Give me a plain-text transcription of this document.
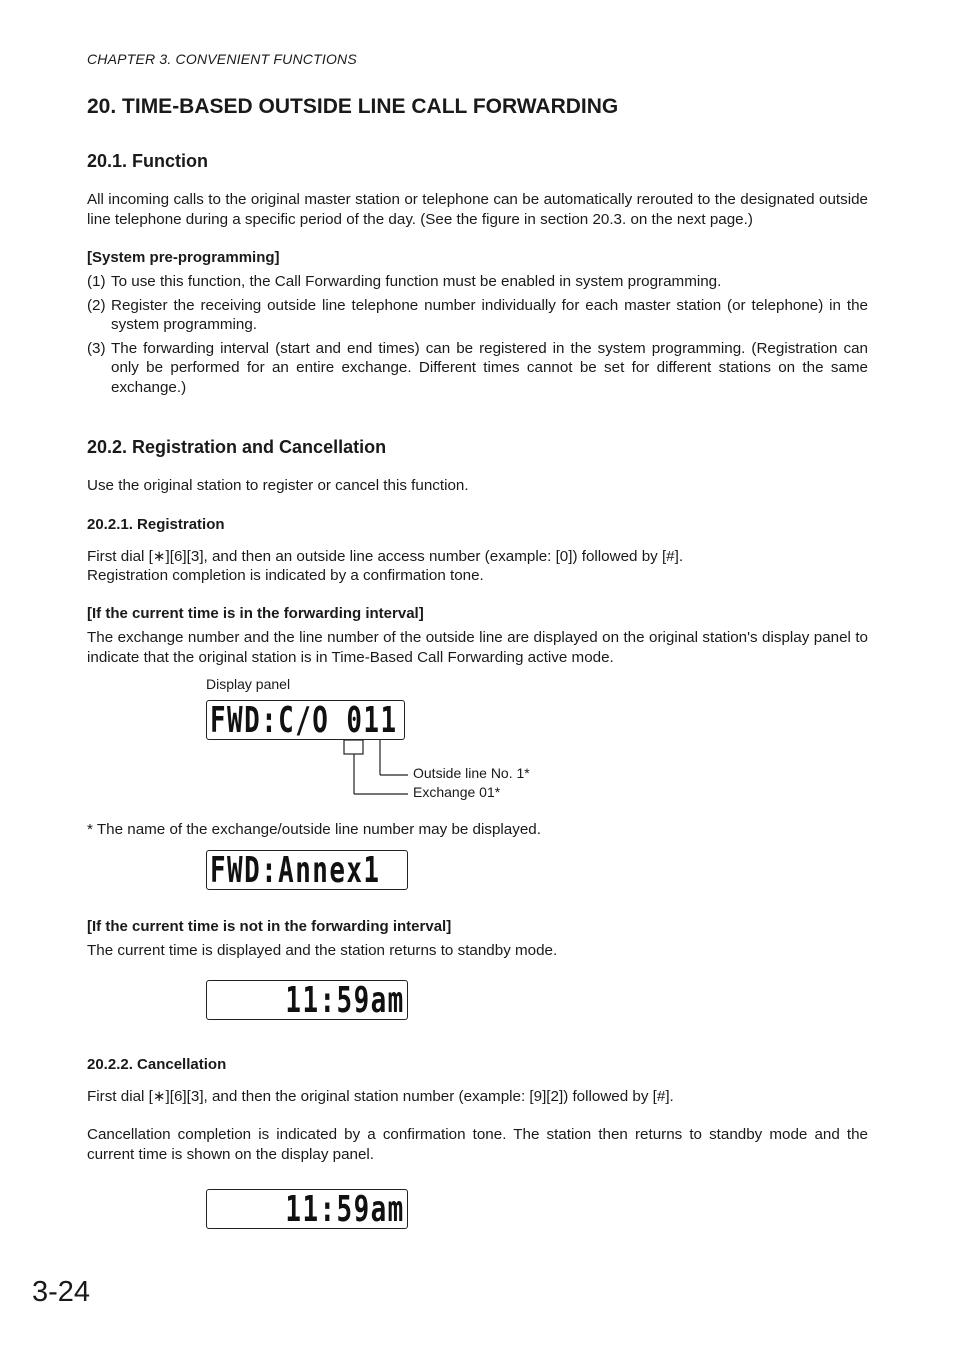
CHAPTER 3. CONVENIENT FUNCTIONS
20. TIME-BASED OUTSIDE LINE CALL FORWARDING
20.1. Function
All incoming calls to the original master station or telephone can be automatically rerouted to the designated outside line telephone during a specific period of the day. (See the figure in section 20.3. on the next page.)
[System pre-programming]
(1) To use this function, the Call Forwarding function must be enabled in system programming.
(2) Register the receiving outside line telephone number individually for each master station (or telephone) in the system programming.
(3) The forwarding interval (start and end times) can be registered in the system programming. (Registration can only be performed for an entire exchange. Different times cannot be set for different stations on the same exchange.)
20.2. Registration and Cancellation
Use the original station to register or cancel this function.
20.2.1. Registration
First dial [∗][6][3], and then an outside line access number (example: [0]) followed by [#].
Registration completion is indicated by a confirmation tone.
[If the current time is in the forwarding interval]
The exchange number and the line number of the outside line are displayed on the original station's display panel to indicate that the original station is in Time-Based Call Forwarding active mode.
Display panel
FWD:C/O 011
Outside line No. 1*
Exchange 01*
* The name of the exchange/outside line number may be displayed.
FWD:Annex1
[If the current time is not in the forwarding interval]
The current time is displayed and the station returns to standby mode.
11:59am
20.2.2. Cancellation
First dial [∗][6][3], and then the original station number (example: [9][2]) followed by [#].
Cancellation completion is indicated by a confirmation tone. The station then returns to standby mode and the current time is shown on the display panel.
11:59am
3-24
